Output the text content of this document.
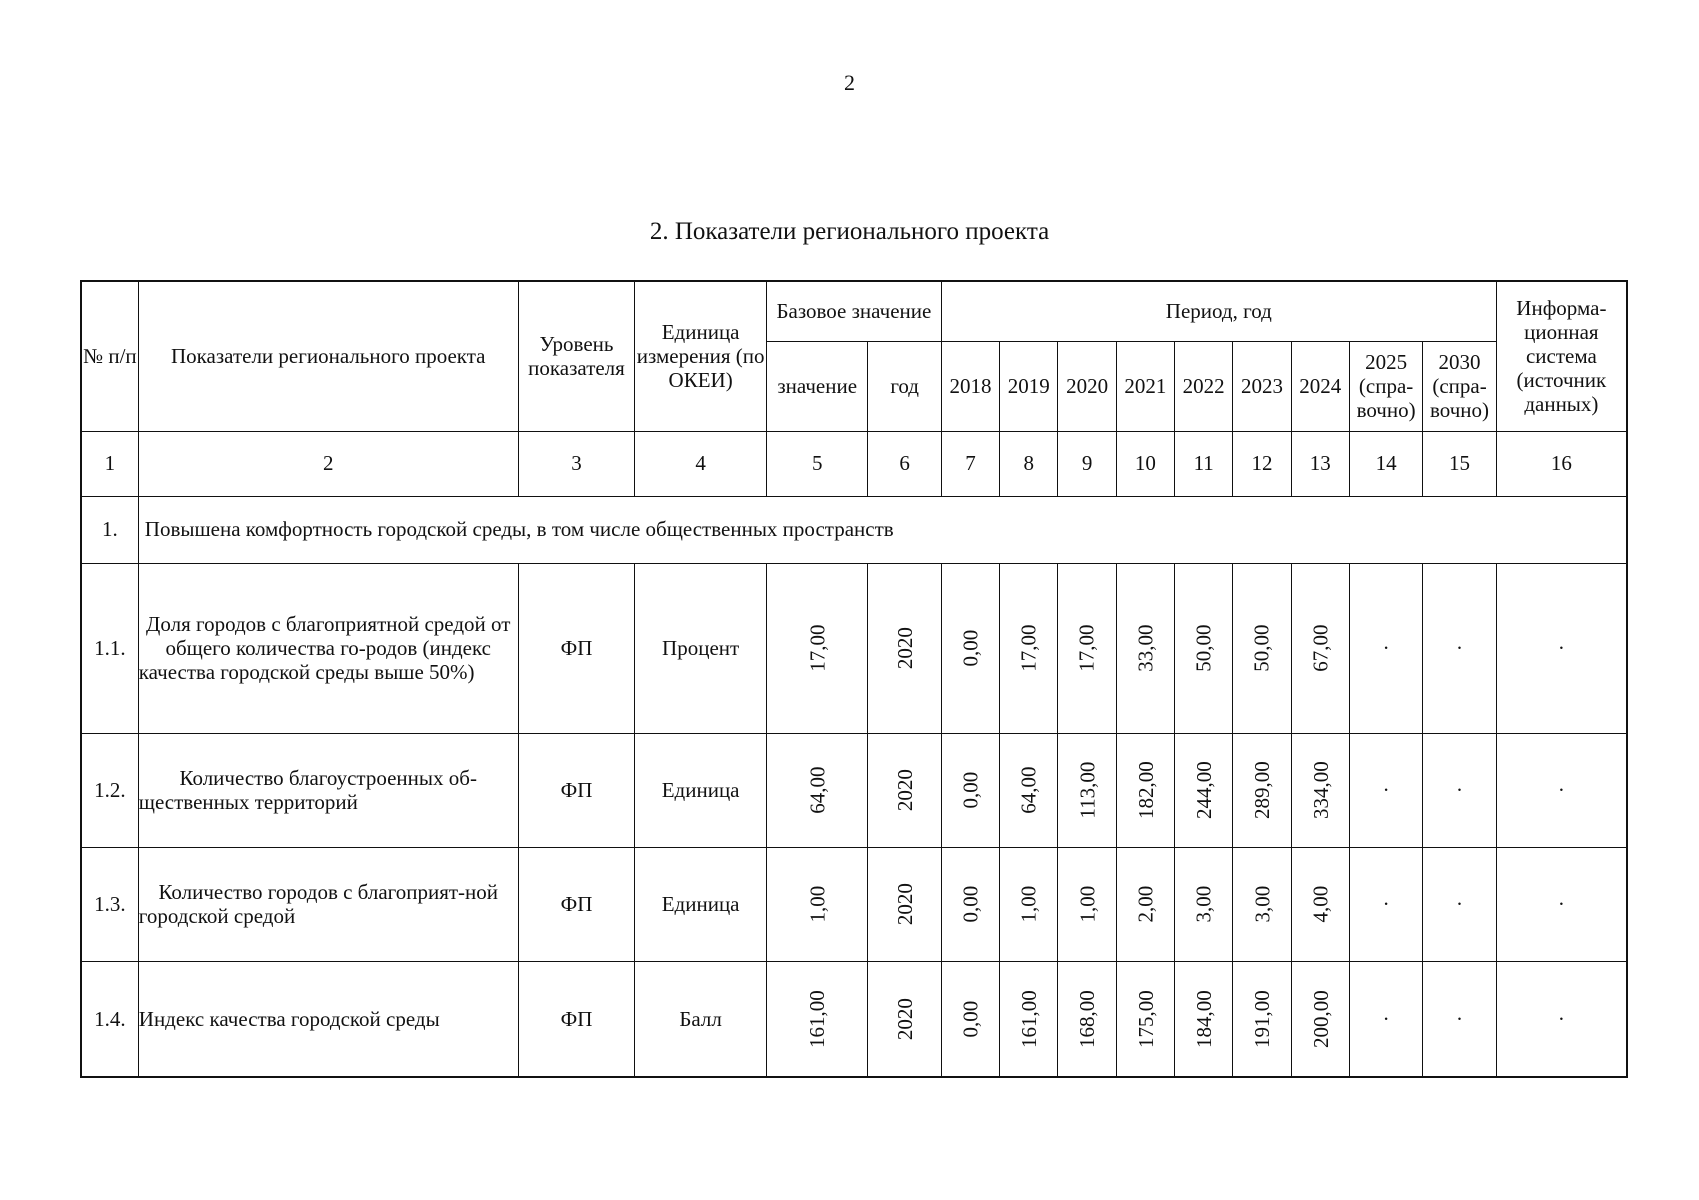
2
2. Показатели регионального проекта
№ п/п	Показатели регионального проекта	Уровень показателя	Единица измерения (по ОКЕИ)	Базовое значение		Период, год									Информа-ционная система (источник данных)
				значение	год	2018	2019	2020	2021	2022	2023	2024	2025 (спра-вочно)	2030 (спра-вочно)	
1	2	3	4	5	6	7	8	9	10	11	12	13	14	15	16
1.	Повышена комфортность городской среды, в том числе общественных пространств														
1.1.	Доля городов с благоприятной средой от общего количества го-родов (индекс качества городской среды выше 50%)	ФП	Процент	17,00	2020	0,00	17,00	17,00	33,00	50,00	50,00	67,00	·	·	·
1.2.	Количество благоустроенных об-щественных территорий	ФП	Единица	64,00	2020	0,00	64,00	113,00	182,00	244,00	289,00	334,00	·	·	·
1.3.	Количество городов с благоприят-ной городской средой	ФП	Единица	1,00	2020	0,00	1,00	1,00	2,00	3,00	3,00	4,00	·	·	·
1.4.	Индекс качества городской среды	ФП	Балл	161,00	2020	0,00	161,00	168,00	175,00	184,00	191,00	200,00	·	·	·
